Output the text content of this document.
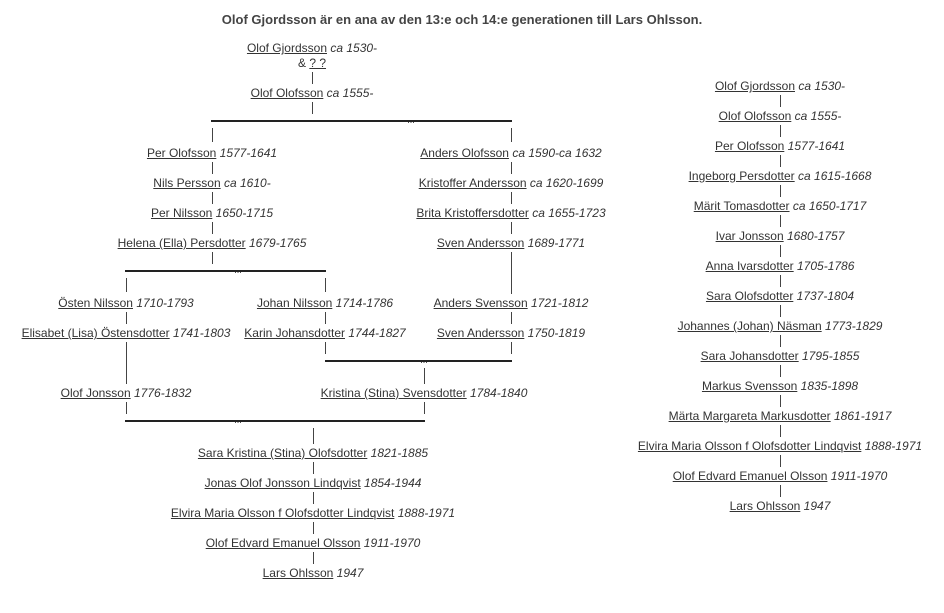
Olof Gjordsson är en ana av den 13:e och 14:e generationen till Lars Ohlsson.
Olof Gjordsson ca 1530-
& ? ?
Olof Olofsson ca 1555-
...
Per Olofsson 1577-1641
Nils Persson ca 1610-
Per Nilsson 1650-1715
Helena (Ella) Persdotter 1679-1765
Anders Olofsson ca 1590-ca 1632
Kristoffer Andersson ca 1620-1699
Brita Kristoffersdotter ca 1655-1723
Sven Andersson 1689-1771
Anders Svensson 1721-1812
Sven Andersson 1750-1819
...
Östen Nilsson 1710-1793
Elisabet (Lisa) Östensdotter 1741-1803
Olof Jonsson 1776-1832
Johan Nilsson 1714-1786
Karin Johansdotter 1744-1827
...
Kristina (Stina) Svensdotter 1784-1840
...
Sara Kristina (Stina) Olofsdotter 1821-1885
Jonas Olof Jonsson Lindqvist 1854-1944
Elvira Maria Olsson f Olofsdotter Lindqvist 1888-1971
Olof Edvard Emanuel Olsson 1911-1970
Lars Ohlsson 1947
Olof Gjordsson ca 1530-
Olof Olofsson ca 1555-
Per Olofsson 1577-1641
Ingeborg Persdotter ca 1615-1668
Märit Tomasdotter ca 1650-1717
Ivar Jonsson 1680-1757
Anna Ivarsdotter 1705-1786
Sara Olofsdotter 1737-1804
Johannes (Johan) Näsman 1773-1829
Sara Johansdotter 1795-1855
Markus Svensson 1835-1898
Märta Margareta Markusdotter 1861-1917
Elvira Maria Olsson f Olofsdotter Lindqvist 1888-1971
Olof Edvard Emanuel Olsson 1911-1970
Lars Ohlsson 1947
